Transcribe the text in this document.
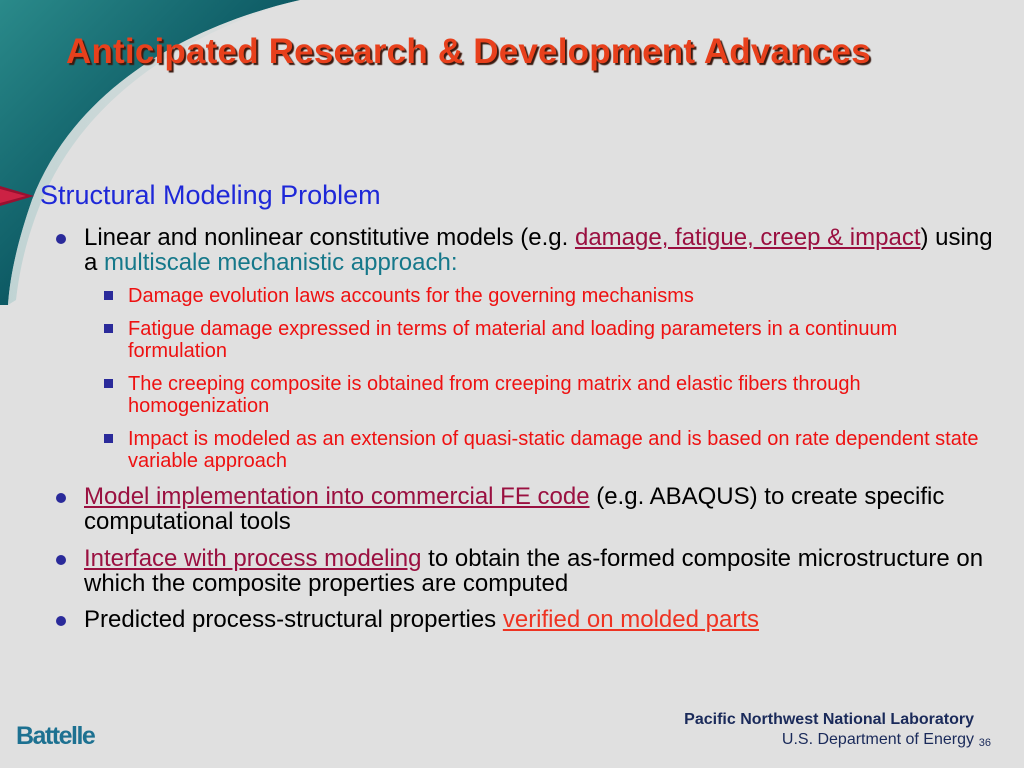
Anticipated Research & Development Advances
Structural Modeling Problem
Linear and nonlinear constitutive models (e.g. damage, fatigue, creep & impact) using a multiscale mechanistic approach:
Damage evolution laws accounts for the governing mechanisms
Fatigue damage expressed in terms of material and loading parameters in a continuum formulation
The creeping composite is obtained from creeping matrix and elastic fibers through homogenization
Impact is modeled as an extension of quasi-static damage and is based on rate dependent state variable approach
Model implementation into commercial FE code (e.g. ABAQUS) to create specific computational tools
Interface with process modeling to obtain the as-formed composite microstructure on which the composite properties are computed
Predicted process-structural properties verified on molded parts
Battelle
Pacific Northwest National Laboratory
U.S. Department of Energy 36
